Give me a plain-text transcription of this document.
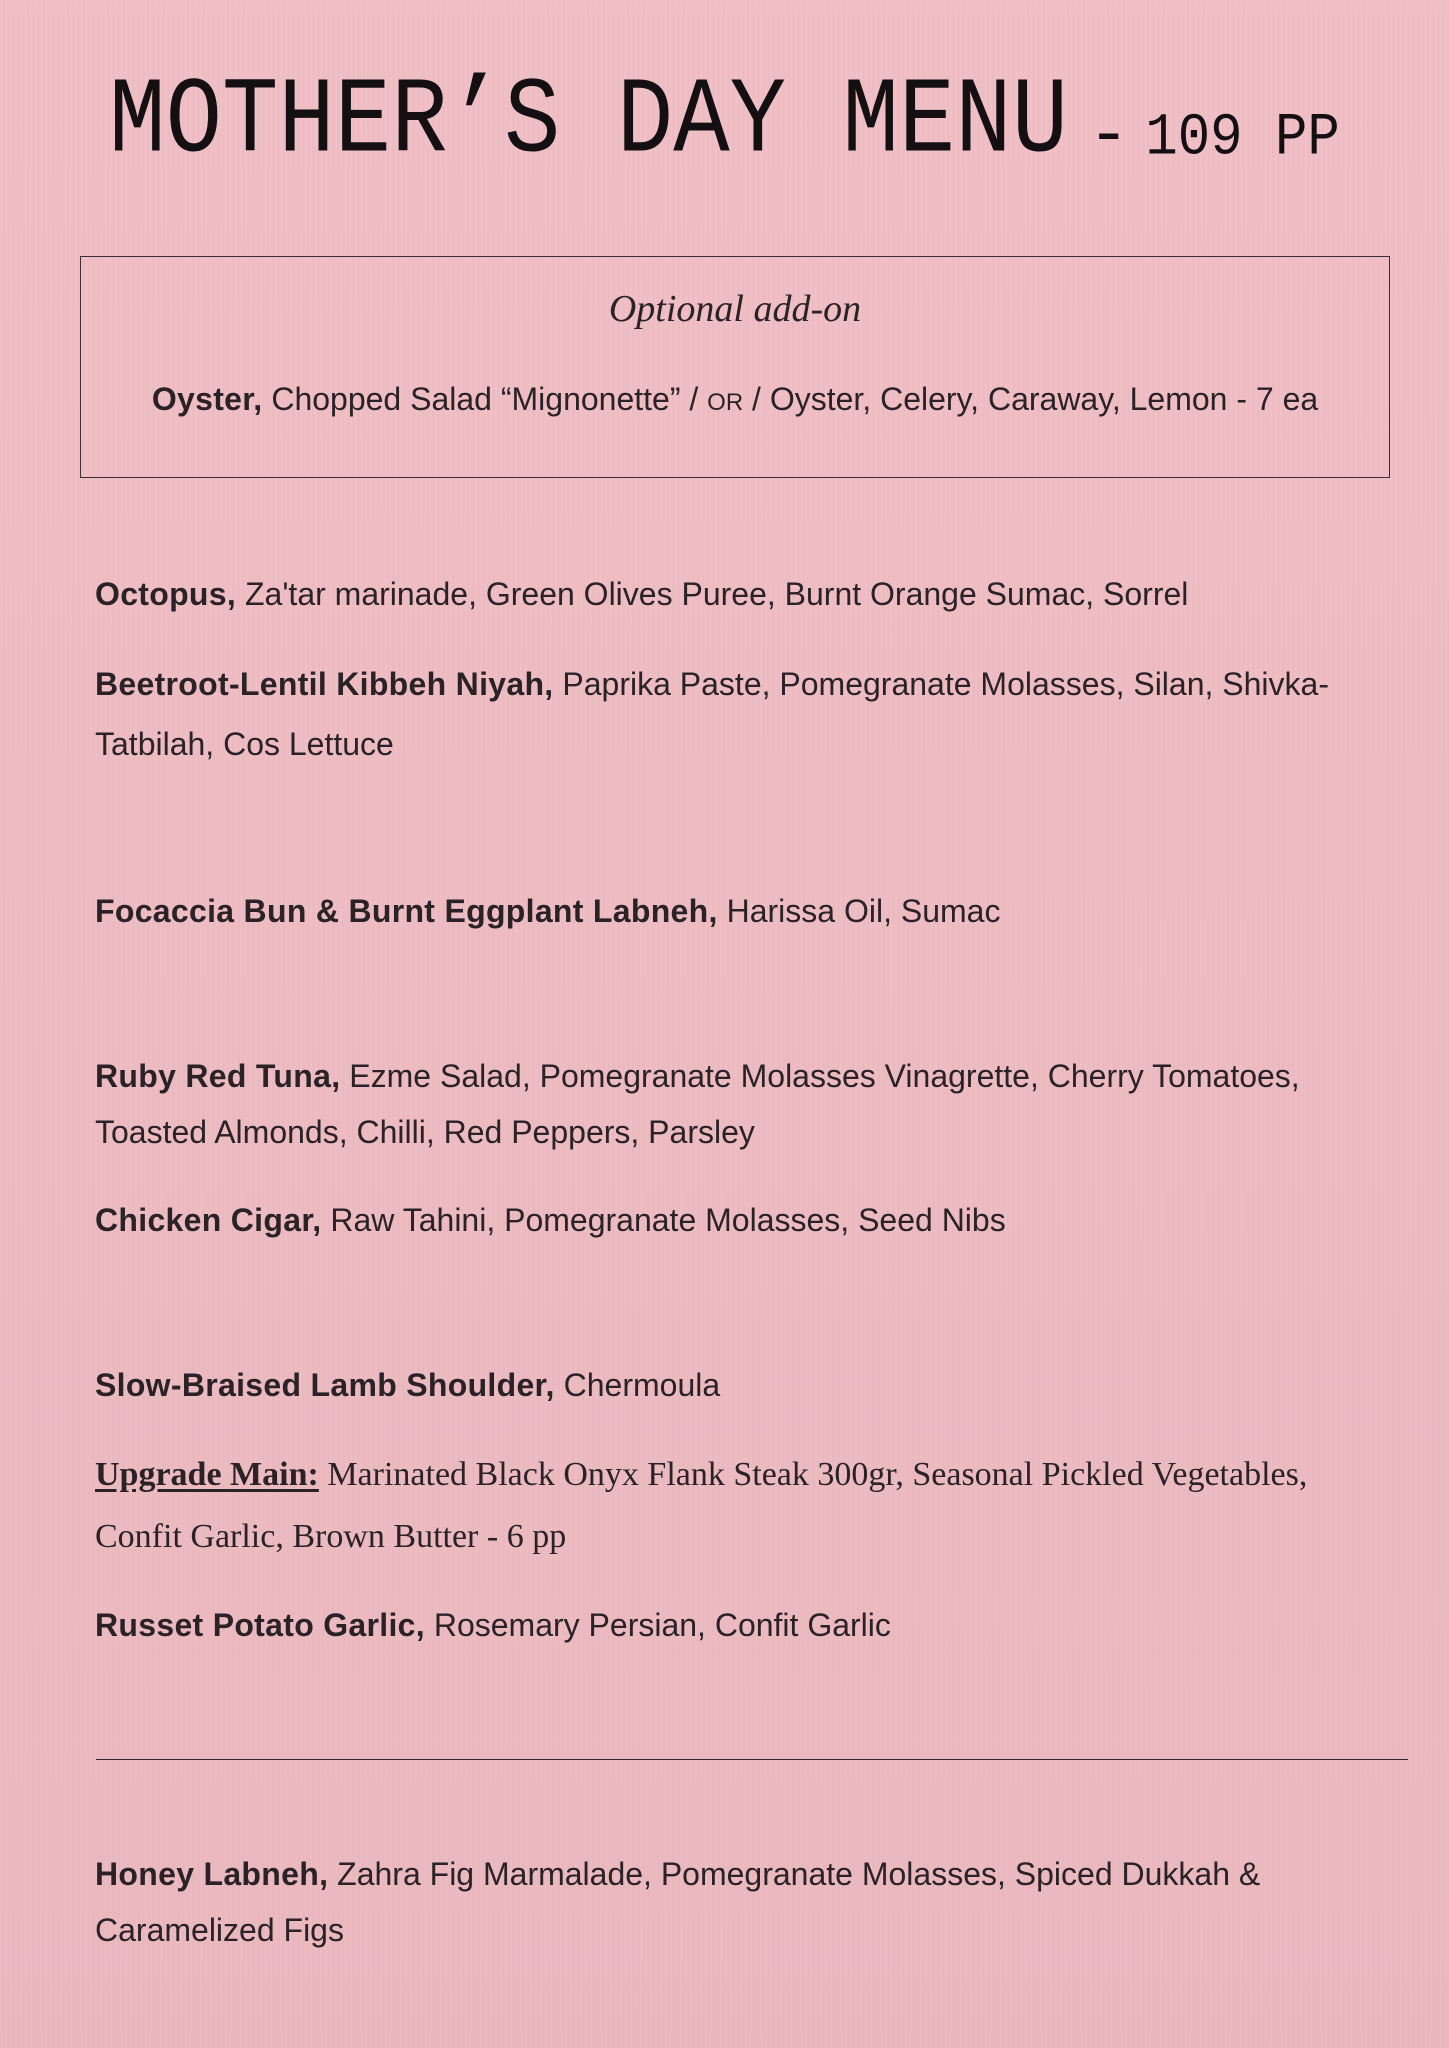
MOTHER’S DAY MENU - 109 PP
Optional add-on
Oyster, Chopped Salad “Mignonette” / OR / Oyster, Celery, Caraway, Lemon - 7 ea
Octopus, Za'tar marinade, Green Olives Puree, Burnt Orange Sumac, Sorrel
Beetroot-Lentil Kibbeh Niyah, Paprika Paste, Pomegranate Molasses, Silan, Shivka-Tatbilah, Cos Lettuce
Focaccia Bun & Burnt Eggplant Labneh, Harissa Oil, Sumac
Ruby Red Tuna, Ezme Salad, Pomegranate Molasses Vinagrette, Cherry Tomatoes, Toasted Almonds, Chilli, Red Peppers, Parsley
Chicken Cigar, Raw Tahini, Pomegranate Molasses, Seed Nibs
Slow-Braised Lamb Shoulder, Chermoula
Upgrade Main: Marinated Black Onyx Flank Steak 300gr, Seasonal Pickled Vegetables, Confit Garlic, Brown Butter - 6 pp
Russet Potato Garlic, Rosemary Persian, Confit Garlic
Honey Labneh, Zahra Fig Marmalade, Pomegranate Molasses, Spiced Dukkah & Caramelized Figs
